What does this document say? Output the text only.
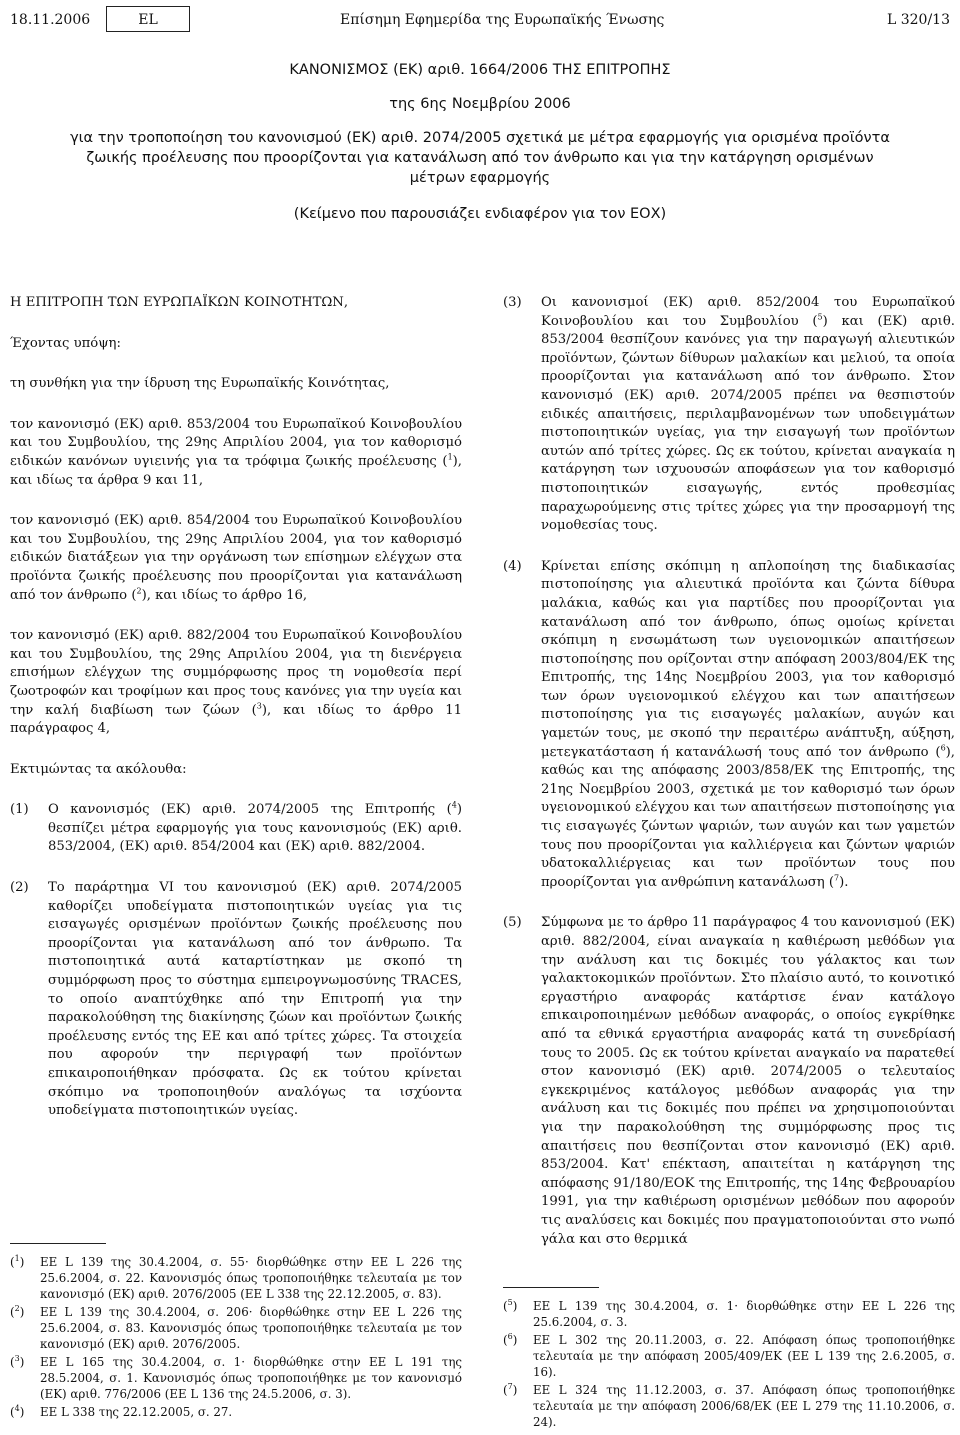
18.11.2006	EL	Επίσημη Εφημερίδα της Ευρωπαϊκής Ένωσης	L 320/13
ΚΑΝΟΝΙΣΜΟΣ (ΕΚ) αριθ. 1664/2006 ΤΗΣ ΕΠΙΤΡΟΠΗΣ
της 6ης Νοεμβρίου 2006
για την τροποποίηση του κανονισμού (ΕΚ) αριθ. 2074/2005 σχετικά με μέτρα εφαρμογής για ορισμένα προϊόντα ζωικής προέλευσης που προορίζονται για κατανάλωση από τον άνθρωπο και για την κατάργηση ορισμένων μέτρων εφαρμογής
(Κείμενο που παρουσιάζει ενδιαφέρον για τον ΕΟΧ)

Η ΕΠΙΤΡΟΠΗ ΤΩΝ ΕΥΡΩΠΑΪΚΩΝ ΚΟΙΝΟΤΗΤΩΝ,

Έχοντας υπόψη:

τη συνθήκη για την ίδρυση της Ευρωπαϊκής Κοινότητας,

τον κανονισμό (ΕΚ) αριθ. 853/2004 του Ευρωπαϊκού Κοινοβουλίου και του Συμβουλίου, της 29ης Απριλίου 2004, για τον καθορισμό ειδικών κανόνων υγιεινής για τα τρόφιμα ζωικής προέλευσης ($^1$), και ιδίως τα άρθρα 9 και 11,

τον κανονισμό (ΕΚ) αριθ. 854/2004 του Ευρωπαϊκού Κοινοβουλίου και του Συμβουλίου, της 29ης Απριλίου 2004, για τον καθορισμό ειδικών διατάξεων για την οργάνωση των επίσημων ελέγχων στα προϊόντα ζωικής προέλευσης που προορίζονται για κατανάλωση από τον άνθρωπο ($^2$), και ιδίως το άρθρο 16,

τον κανονισμό (ΕΚ) αριθ. 882/2004 του Ευρωπαϊκού Κοινοβουλίου και του Συμβουλίου, της 29ης Απριλίου 2004, για τη διενέργεια επισήμων ελέγχων της συμμόρφωσης προς τη νομοθεσία περί ζωοτροφών και τροφίμων και προς τους κανόνες για την υγεία και την καλή διαβίωση των ζώων ($^3$), και ιδίως το άρθρο 11 παράγραφος 4,

Εκτιμώντας τα ακόλουθα:

(1) Ο κανονισμός (ΕΚ) αριθ. 2074/2005 της Επιτροπής ($^4$) θεσπίζει μέτρα εφαρμογής για τους κανονισμούς (ΕΚ) αριθ. 853/2004, (ΕΚ) αριθ. 854/2004 και (ΕΚ) αριθ. 882/2004.
(2) Το παράρτημα VI του κανονισμού (ΕΚ) αριθ. 2074/2005 καθορίζει υποδείγματα πιστοποιητικών υγείας για τις εισαγωγές ορισμένων προϊόντων ζωικής προέλευσης που προορίζονται για κατανάλωση από τον άνθρωπο. Τα πιστοποιητικά αυτά καταρτίστηκαν με σκοπό τη συμμόρφωση προς το σύστημα εμπειρογνωμοσύνης TRACES, το οποίο αναπτύχθηκε από την Επιτροπή για την παρακολούθηση της διακίνησης ζώων και προϊόντων ζωικής προέλευσης εντός της ΕΕ και από τρίτες χώρες. Τα στοιχεία που αφορούν την περιγραφή των προϊόντων επικαιροποιήθηκαν πρόσφατα. Ως εκ τούτου κρίνεται σκόπιμο να τροποποιηθούν αναλόγως τα ισχύοντα υποδείγματα πιστοποιητικών υγείας.
(3) Οι κανονισμοί (ΕΚ) αριθ. 852/2004 του Ευρωπαϊκού Κοινοβουλίου και του Συμβουλίου ($^5$) και (ΕΚ) αριθ. 853/2004 θεσπίζουν κανόνες για την παραγωγή αλιευτικών προϊόντων, ζώντων δίθυρων μαλακίων και μελιού, τα οποία προορίζονται για κατανάλωση από τον άνθρωπο. Στον κανονισμό (ΕΚ) αριθ. 2074/2005 πρέπει να θεσπιστούν ειδικές απαιτήσεις, περιλαμβανομένων των υποδειγμάτων πιστοποιητικών υγείας, για την εισαγωγή των προϊόντων αυτών από τρίτες χώρες. Ως εκ τούτου, κρίνεται αναγκαία η κατάργηση των ισχυουσών αποφάσεων για τον καθορισμό πιστοποιητικών εισαγωγής, εντός προθεσμίας παραχωρούμενης στις τρίτες χώρες για την προσαρμογή της νομοθεσίας τους.
(4) Κρίνεται επίσης σκόπιμη η απλοποίηση της διαδικασίας πιστοποίησης για αλιευτικά προϊόντα και ζώντα δίθυρα μαλάκια, καθώς και για παρτίδες που προορίζονται για κατανάλωση από τον άνθρωπο, όπως ομοίως κρίνεται σκόπιμη η ενσωμάτωση των υγειονομικών απαιτήσεων πιστοποίησης που ορίζονται στην απόφαση 2003/804/ΕΚ της Επιτροπής, της 14ης Νοεμβρίου 2003, για τον καθορισμό των όρων υγειονομικού ελέγχου και των απαιτήσεων πιστοποίησης για τις εισαγωγές μαλακίων, αυγών και γαμετών τους, με σκοπό την περαιτέρω ανάπτυξη, αύξηση, μετεγκατάσταση ή κατανάλωσή τους από τον άνθρωπο ($^6$), καθώς και της απόφασης 2003/858/ΕΚ της Επιτροπής, της 21ης Νοεμβρίου 2003, σχετικά με τον καθορισμό των όρων υγειονομικού ελέγχου και των απαιτήσεων πιστοποίησης για τις εισαγωγές ζώντων ψαριών, των αυγών και των γαμετών τους που προορίζονται για καλλιέργεια και ζώντων ψαριών υδατοκαλλιέργειας και των προϊόντων τους που προορίζονται για ανθρώπινη κατανάλωση ($^7$).
(5) Σύμφωνα με το άρθρο 11 παράγραφος 4 του κανονισμού (ΕΚ) αριθ. 882/2004, είναι αναγκαία η καθιέρωση μεθόδων για την ανάλυση και τις δοκιμές του γάλακτος και των γαλακτοκομικών προϊόντων. Στο πλαίσιο αυτό, το κοινοτικό εργαστήριο αναφοράς κατάρτισε έναν κατάλογο επικαιροποιημένων μεθόδων αναφοράς, ο οποίος εγκρίθηκε από τα εθνικά εργαστήρια αναφοράς κατά τη συνεδρίασή τους το 2005. Ως εκ τούτου κρίνεται αναγκαίο να παρατεθεί στον κανονισμό (ΕΚ) αριθ. 2074/2005 ο τελευταίος εγκεκριμένος κατάλογος μεθόδων αναφοράς για την ανάλυση και τις δοκιμές που πρέπει να χρησιμοποιούνται για την παρακολούθηση της συμμόρφωσης προς τις απαιτήσεις που θεσπίζονται στον κανονισμό (ΕΚ) αριθ. 853/2004. Κατ' επέκταση, απαιτείται η κατάργηση της απόφασης 91/180/ΕΟΚ της Επιτροπής, της 14ης Φεβρουαρίου 1991, για την καθιέρωση ορισμένων μεθόδων που αφορούν τις αναλύσεις και δοκιμές που πραγματοποιούνται στο νωπό γάλα και στο θερμικά
($^1$) ΕΕ L 139 της 30.4.2004, σ. 55· διορθώθηκε στην ΕΕ L 226 της 25.6.2004, σ. 22. Κανονισμός όπως τροποποιήθηκε τελευταία με τον κανονισμό (ΕΚ) αριθ. 2076/2005 (ΕΕ L 338 της 22.12.2005, σ. 83).
($^2$) ΕΕ L 139 της 30.4.2004, σ. 206· διορθώθηκε στην ΕΕ L 226 της 25.6.2004, σ. 83. Κανονισμός όπως τροποποιήθηκε τελευταία με τον κανονισμό (ΕΚ) αριθ. 2076/2005.
($^3$) ΕΕ L 165 της 30.4.2004, σ. 1· διορθώθηκε στην ΕΕ L 191 της 28.5.2004, σ. 1. Κανονισμός όπως τροποποιήθηκε με τον κανονισμό (ΕΚ) αριθ. 776/2006 (ΕΕ L 136 της 24.5.2006, σ. 3).
($^4$) ΕΕ L 338 της 22.12.2005, σ. 27.
($^5$) ΕΕ L 139 της 30.4.2004, σ. 1· διορθώθηκε στην ΕΕ L 226 της 25.6.2004, σ. 3.
($^6$) ΕΕ L 302 της 20.11.2003, σ. 22. Απόφαση όπως τροποποιήθηκε τελευταία με την απόφαση 2005/409/ΕΚ (ΕΕ L 139 της 2.6.2005, σ. 16).
($^7$) ΕΕ L 324 της 11.12.2003, σ. 37. Απόφαση όπως τροποποιήθηκε τελευταία με την απόφαση 2006/68/ΕΚ (ΕΕ L 279 της 11.10.2006, σ. 24).
